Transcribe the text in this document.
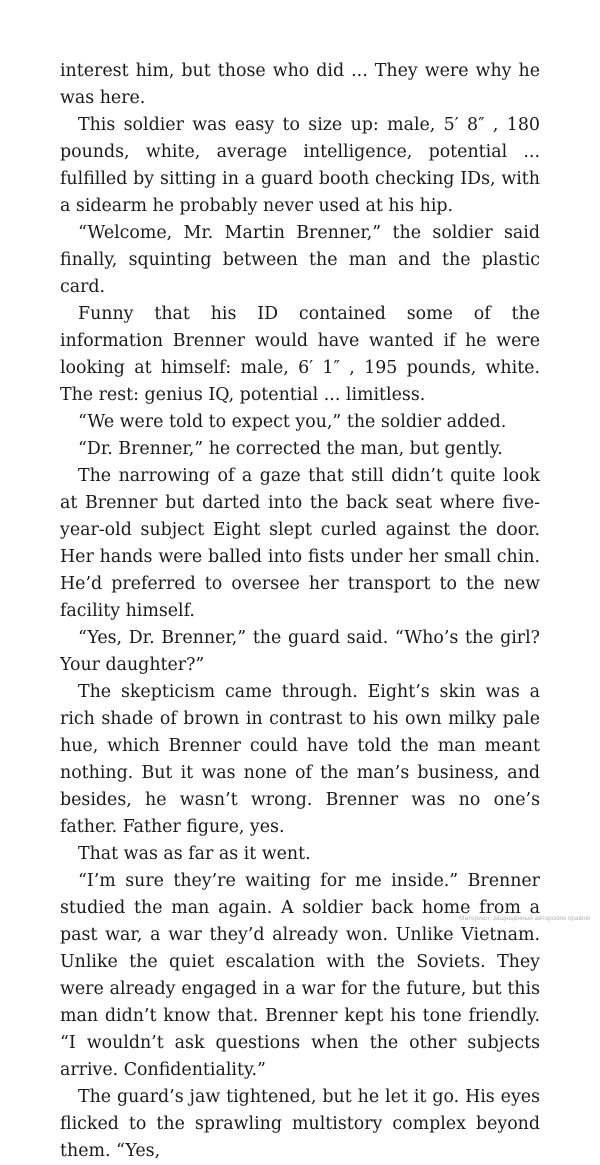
interest him, but those who did ... They were why he was here.

This soldier was easy to size up: male, 5′ 8″ , 180 pounds, white, average intelligence, potential ... fulfilled by sitting in a guard booth checking IDs, with a sidearm he probably never used at his hip.

“Welcome, Mr. Martin Brenner,” the soldier said finally, squinting between the man and the plastic card.

Funny that his ID contained some of the information Brenner would have wanted if he were looking at himself: male, 6′ 1″ , 195 pounds, white. The rest: genius IQ, potential ... limitless.

“We were told to expect you,” the soldier added.

“Dr. Brenner,” he corrected the man, but gently.

The narrowing of a gaze that still didn’t quite look at Brenner but darted into the back seat where five-year-old subject Eight slept curled against the door. Her hands were balled into fists under her small chin. He’d preferred to oversee her transport to the new facility himself.

“Yes, Dr. Brenner,” the guard said. “Who’s the girl? Your daughter?”

The skepticism came through. Eight’s skin was a rich shade of brown in contrast to his own milky pale hue, which Brenner could have told the man meant nothing. But it was none of the man’s business, and besides, he wasn’t wrong. Brenner was no one’s father. Father figure, yes.

That was as far as it went.

“I’m sure they’re waiting for me inside.” Brenner studied the man again. A soldier back home from a past war, a war they’d already won. Unlike Vietnam. Unlike the quiet escalation with the Soviets. They were already engaged in a war for the future, but this man didn’t know that. Brenner kept his tone friendly. “I wouldn’t ask questions when the other subjects arrive. Confidentiality.”

The guard’s jaw tightened, but he let it go. His eyes flicked to the sprawling multistory complex beyond them. “Yes,

Материал, защищённый авторским правом
